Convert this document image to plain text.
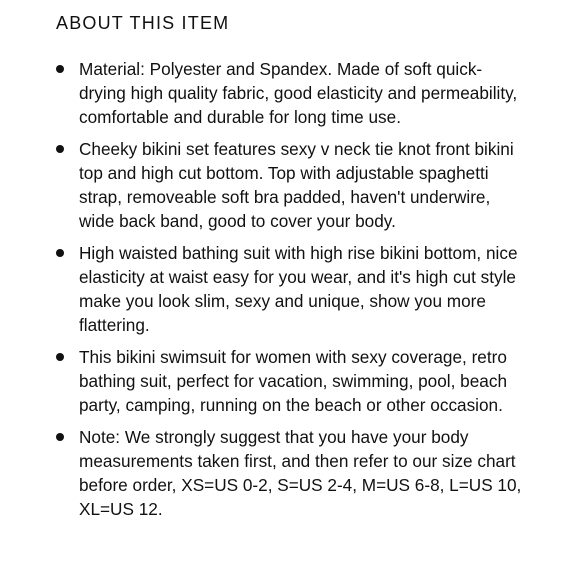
ABOUT THIS ITEM
Material: Polyester and Spandex. Made of soft quick-drying high quality fabric, good elasticity and permeability, comfortable and durable for long time use.
Cheeky bikini set features sexy v neck tie knot front bikini top and high cut bottom. Top with adjustable spaghetti strap, removeable soft bra padded, haven't underwire, wide back band, good to cover your body.
High waisted bathing suit with high rise bikini bottom, nice elasticity at waist easy for you wear, and it's high cut style make you look slim, sexy and unique, show you more flattering.
This bikini swimsuit for women with sexy coverage, retro bathing suit, perfect for vacation, swimming, pool, beach party, camping, running on the beach or other occasion.
Note: We strongly suggest that you have your body measurements taken first, and then refer to our size chart before order, XS=US 0-2, S=US 2-4, M=US 6-8, L=US 10, XL=US 12.
